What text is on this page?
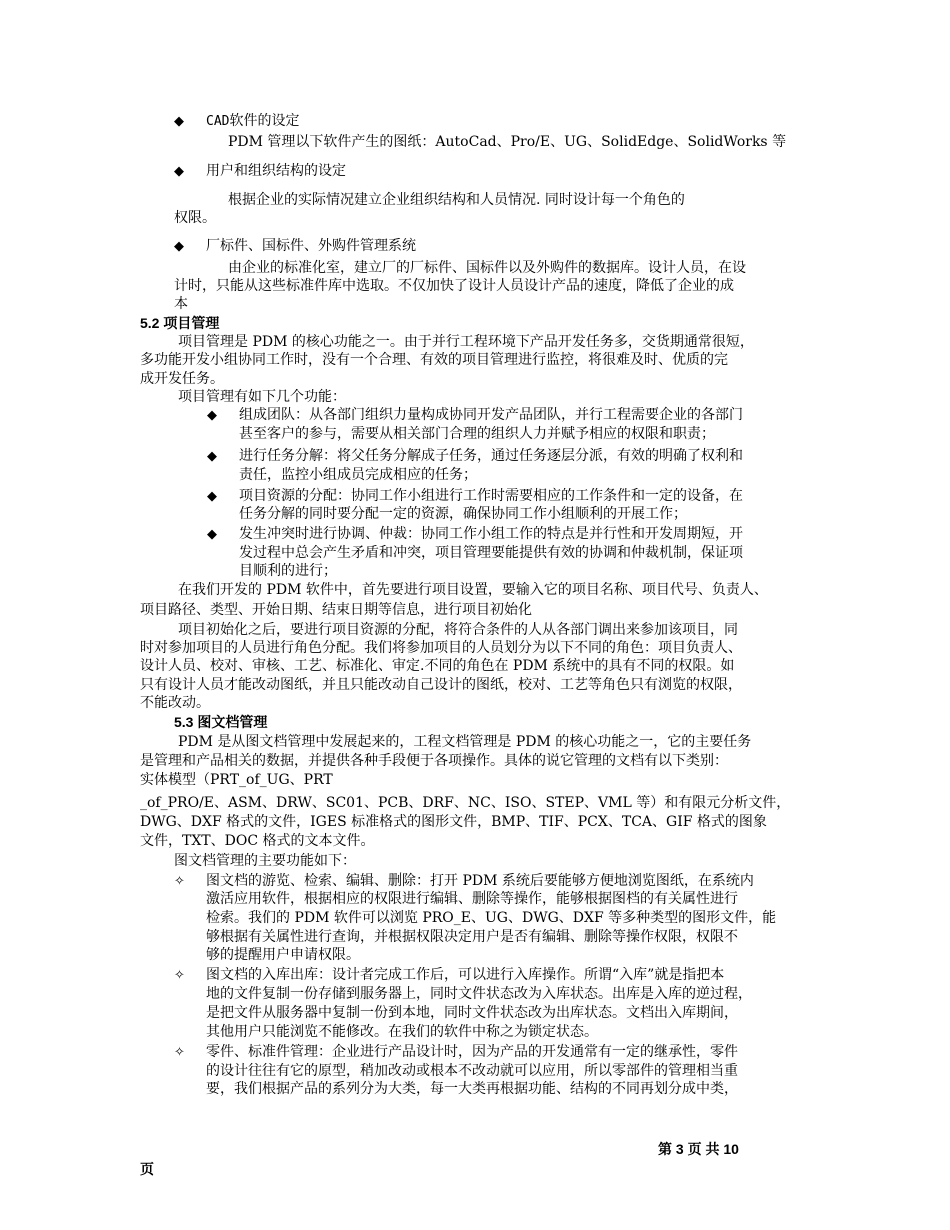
◆ CAD软件的设定
PDM 管理以下软件产生的图纸：AutoCad、Pro/E、UG、SolidEdge、SolidWorks 等
◆ 用户和组织结构的设定
根据企业的实际情况建立企业组织结构和人员情况. 同时设计每一个角色的
权限。
◆ 厂标件、国标件、外购件管理系统
由企业的标准化室，建立厂的厂标件、国标件以及外购件的数据库。设计人员，在设
计时，只能从这些标准件库中选取。不仅加快了设计人员设计产品的速度，降低了企业的成
本
5.2 项目管理
项目管理是 PDM 的核心功能之一。由于并行工程环境下产品开发任务多，交货期通常很短，
多功能开发小组协同工作时，没有一个合理、有效的项目管理进行监控，将很难及时、优质的完
成开发任务。
项目管理有如下几个功能：
◆ 组成团队：从各部门组织力量构成协同开发产品团队，并行工程需要企业的各部门
甚至客户的参与，需要从相关部门合理的组织人力并赋予相应的权限和职责；
◆ 进行任务分解：将父任务分解成子任务，通过任务逐层分派，有效的明确了权利和
责任，监控小组成员完成相应的任务；
◆ 项目资源的分配：协同工作小组进行工作时需要相应的工作条件和一定的设备，在
任务分解的同时要分配一定的资源，确保协同工作小组顺利的开展工作；
◆ 发生冲突时进行协调、仲裁：协同工作小组工作的特点是并行性和开发周期短，开
发过程中总会产生矛盾和冲突，项目管理要能提供有效的协调和仲裁机制，保证项
目顺利的进行；
在我们开发的 PDM 软件中，首先要进行项目设置，要输入它的项目名称、项目代号、负责人、
项目路径、类型、开始日期、结束日期等信息，进行项目初始化
项目初始化之后，要进行项目资源的分配，将符合条件的人从各部门调出来参加该项目，同
时对参加项目的人员进行角色分配。我们将参加项目的人员划分为以下不同的角色：项目负责人、
设计人员、校对、审核、工艺、标准化、审定.不同的角色在 PDM 系统中的具有不同的权限。如
只有设计人员才能改动图纸，并且只能改动自己设计的图纸，校对、工艺等角色只有浏览的权限，
不能改动。
5.3 图文档管理
PDM 是从图文档管理中发展起来的，工程文档管理是 PDM 的核心功能之一，它的主要任务
是管理和产品相关的数据，并提供各种手段便于各项操作。具体的说它管理的文档有以下类别：
实体模型（PRT_of_UG、PRT
_of_PRO/E、ASM、DRW、SC01、PCB、DRF、NC、ISO、STEP、VML 等）和有限元分析文件，
DWG、DXF 格式的文件，IGES 标准格式的图形文件，BMP、TIF、PCX、TCA、GIF 格式的图象
文件，TXT、DOC 格式的文本文件。
图文档管理的主要功能如下：
✧ 图文档的游览、检索、编辑、删除：打开 PDM 系统后要能够方便地浏览图纸，在系统内
激活应用软件，根据相应的权限进行编辑、删除等操作，能够根据图档的有关属性进行
检索。我们的 PDM 软件可以浏览 PRO_E、UG、DWG、DXF 等多种类型的图形文件，能
够根据有关属性进行查询，并根据权限决定用户是否有编辑、删除等操作权限，权限不
够的提醒用户申请权限。
✧ 图文档的入库出库：设计者完成工作后，可以进行入库操作。所谓“入库”就是指把本
地的文件复制一份存储到服务器上，同时文件状态改为入库状态。出库是入库的逆过程，
是把文件从服务器中复制一份到本地，同时文件状态改为出库状态。文档出入库期间，
其他用户只能浏览不能修改。在我们的软件中称之为锁定状态。
✧ 零件、标准件管理：企业进行产品设计时，因为产品的开发通常有一定的继承性，零件
的设计往往有它的原型，稍加改动或根本不改动就可以应用，所以零部件的管理相当重
要，我们根据产品的系列分为大类，每一大类再根据功能、结构的不同再划分成中类，
第 3 页 共 10
页
